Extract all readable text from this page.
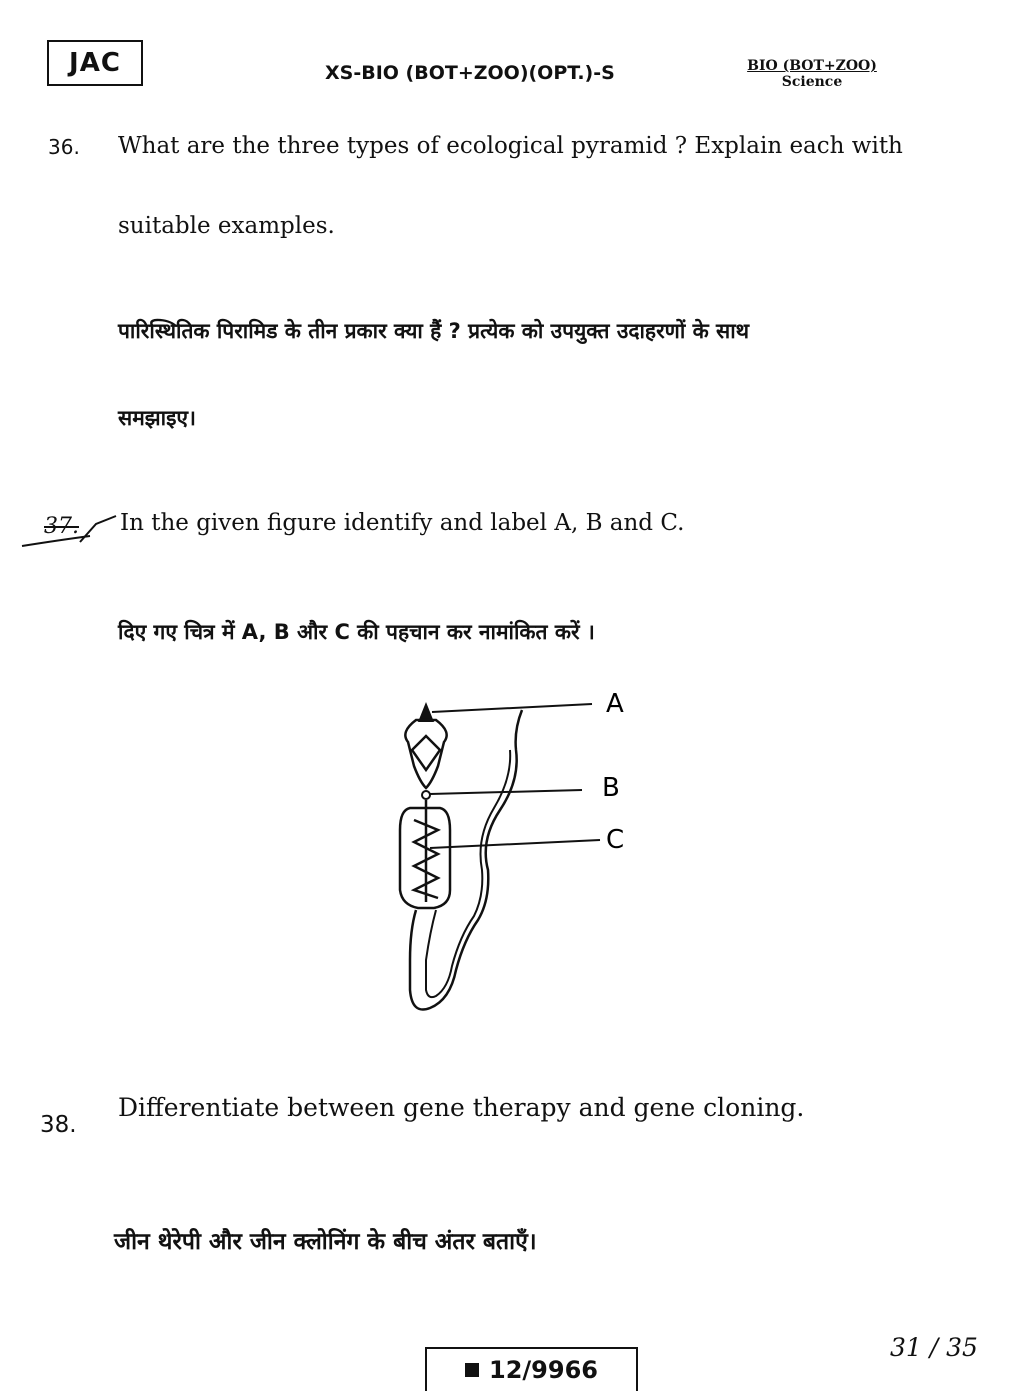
JAC	XS-BIO (BOT+ZOO)(OPT.)-S	BIO (BOT+ZOO)
Science
36. What are the three types of ecological pyramid ? Explain each with
suitable examples.
पारिस्थितिक पिरामिड के तीन प्रकार क्या हैं ? प्रत्येक को उपयुक्त उदाहरणों के साथ
समझाइए।
37. In the given figure identify and label A, B and C.
दिए गए चित्र में A, B और C की पहचान कर नामांकित करें ।
A
B
C
38.
Differentiate between gene therapy and gene cloning.
जीन थेरेपी और जीन क्लोनिंग के बीच अंतर बताएँ।
31 / 35
12/9966
